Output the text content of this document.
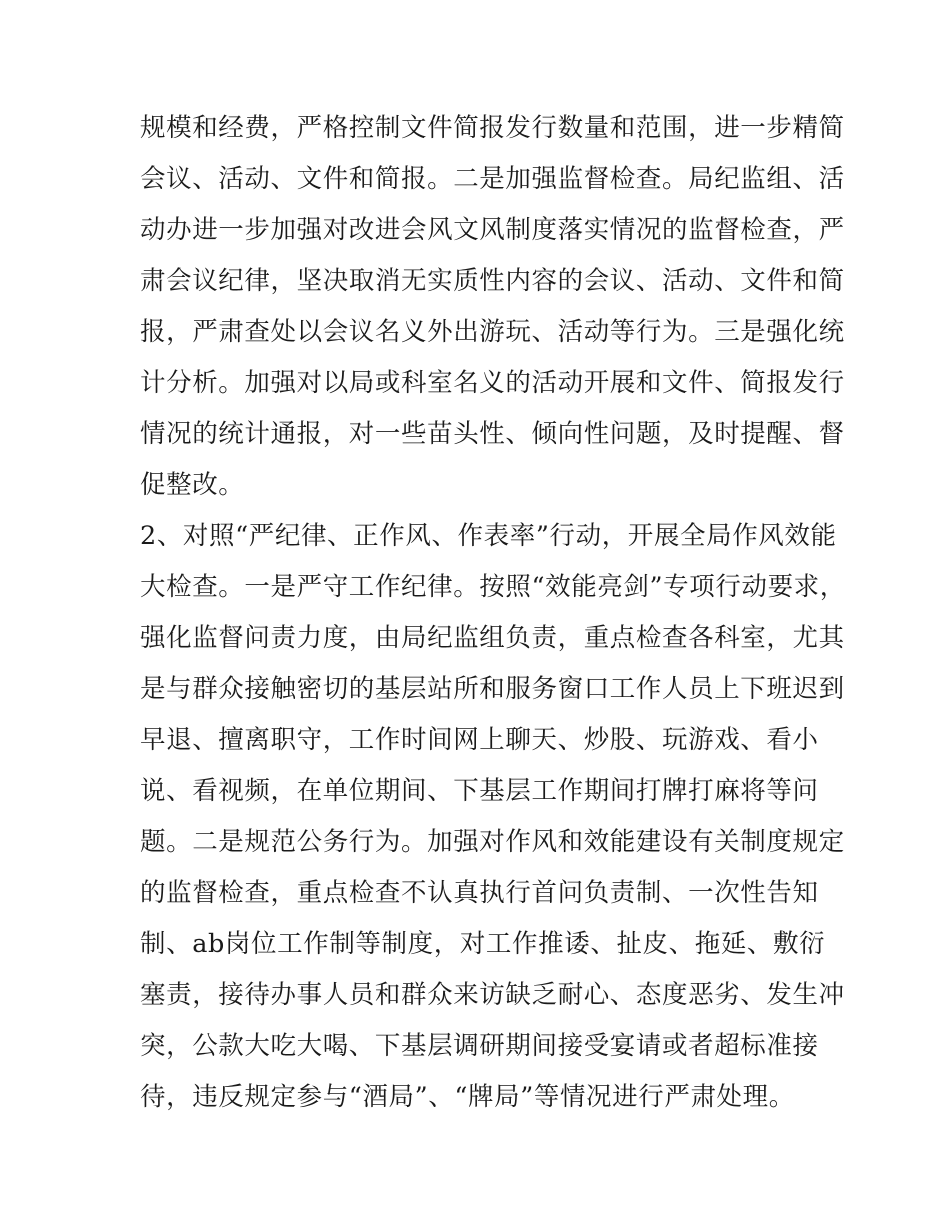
规模和经费，严格控制文件简报发行数量和范围，进一步精简
会议、活动、文件和简报。二是加强监督检查。局纪监组、活
动办进一步加强对改进会风文风制度落实情况的监督检查，严
肃会议纪律，坚决取消无实质性内容的会议、活动、文件和简
报，严肃查处以会议名义外出游玩、活动等行为。三是强化统
计分析。加强对以局或科室名义的活动开展和文件、简报发行
情况的统计通报，对一些苗头性、倾向性问题，及时提醒、督
促整改。
2、对照“严纪律、正作风、作表率”行动，开展全局作风效能
大检查。一是严守工作纪律。按照“效能亮剑”专项行动要求，
强化监督问责力度，由局纪监组负责，重点检查各科室，尤其
是与群众接触密切的基层站所和服务窗口工作人员上下班迟到
早退、擅离职守，工作时间网上聊天、炒股、玩游戏、看小
说、看视频，在单位期间、下基层工作期间打牌打麻将等问
题。二是规范公务行为。加强对作风和效能建设有关制度规定
的监督检查，重点检查不认真执行首问负责制、一次性告知
制、ab岗位工作制等制度，对工作推诿、扯皮、拖延、敷衍
塞责，接待办事人员和群众来访缺乏耐心、态度恶劣、发生冲
突，公款大吃大喝、下基层调研期间接受宴请或者超标准接
待，违反规定参与“酒局”、“牌局”等情况进行严肃处理。
